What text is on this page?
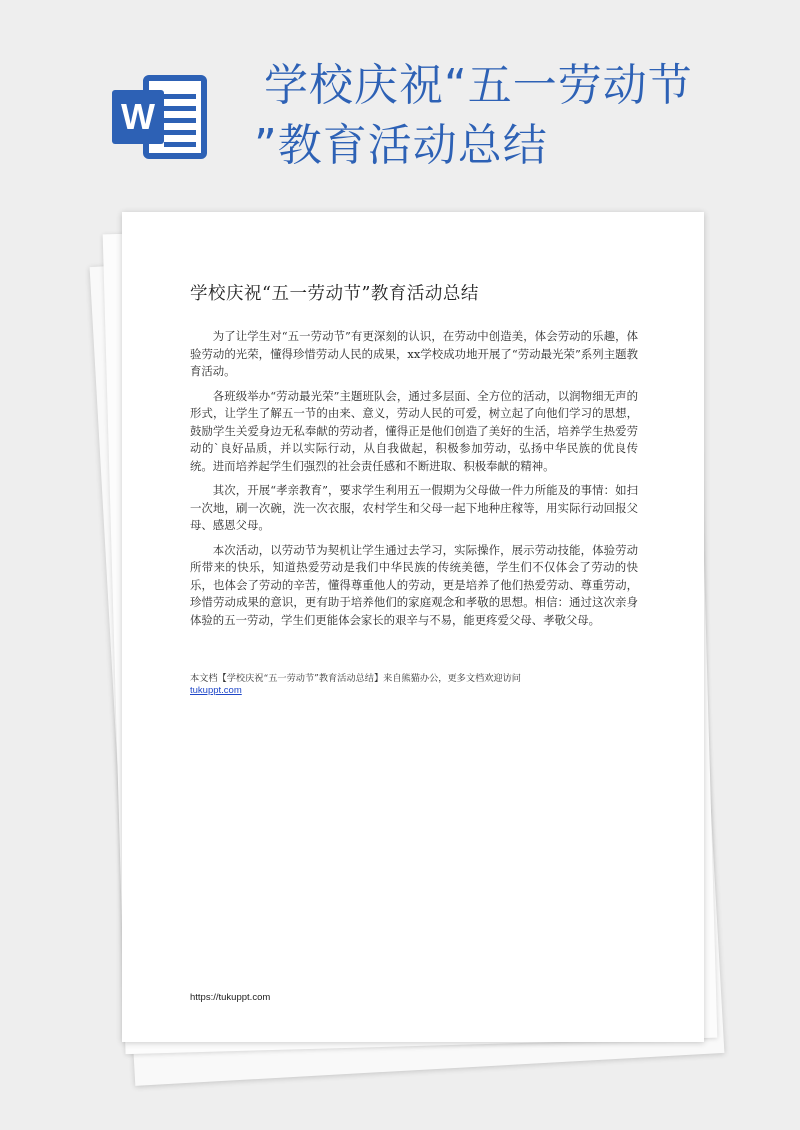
W
学校庆祝“五一劳动节
”教育活动总结
学校庆祝“五一劳动节”教育活动总结

为了让学生对“五一劳动节”有更深刻的认识，在劳动中创造美，体会劳动的乐趣，体验劳动的光荣，懂得珍惜劳动人民的成果，xx学校成功地开展了“劳动最光荣”系列主题教育活动。

各班级举办“劳动最光荣”主题班队会，通过多层面、全方位的活动，以润物细无声的形式，让学生了解五一节的由来、意义，劳动人民的可爱，树立起了向他们学习的思想，鼓励学生关爱身边无私奉献的劳动者，懂得正是他们创造了美好的生活，培养学生热爱劳动的`良好品质，并以实际行动，从自我做起，积极参加劳动，弘扬中华民族的优良传统。进而培养起学生们强烈的社会责任感和不断进取、积极奉献的精神。

其次，开展“孝亲教育”，要求学生利用五一假期为父母做一件力所能及的事情：如扫一次地，刷一次碗，洗一次衣服，农村学生和父母一起下地种庄稼等，用实际行动回报父母、感恩父母。

本次活动，以劳动节为契机让学生通过去学习，实际操作，展示劳动技能，体验劳动所带来的快乐，知道热爱劳动是我们中华民族的传统美德，学生们不仅体会了劳动的快乐，也体会了劳动的辛苦，懂得尊重他人的劳动，更是培养了他们热爱劳动、尊重劳动，珍惜劳动成果的意识，更有助于培养他们的家庭观念和孝敬的思想。相信：通过这次亲身体验的五一劳动，学生们更能体会家长的艰辛与不易，能更疼爱父母、孝敬父母。

本文档【学校庆祝“五一劳动节”教育活动总结】来自熊猫办公，更多文档欢迎访问
tukuppt.com
https://tukuppt.com
